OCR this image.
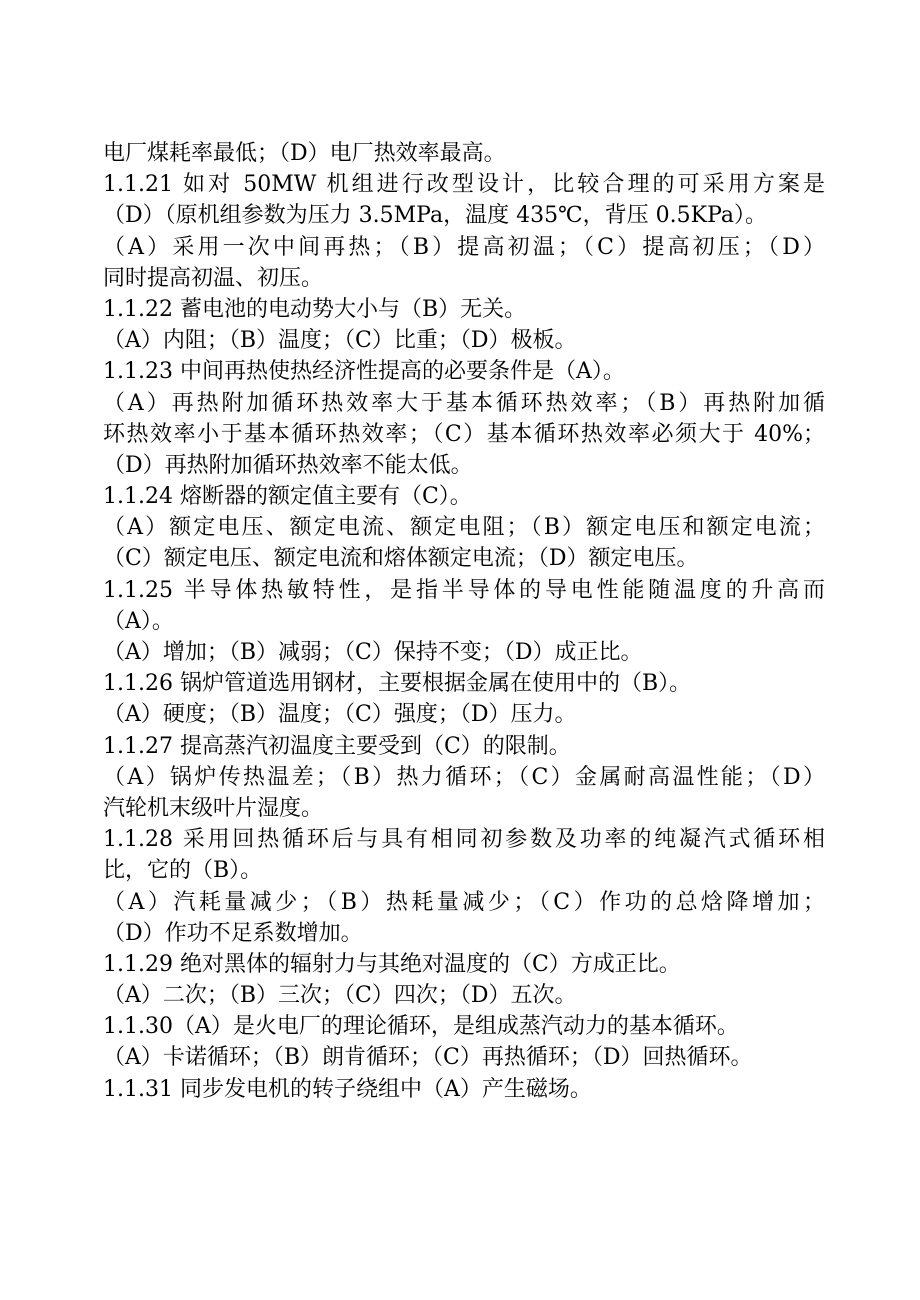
电厂煤耗率最低；（D）电厂热效率最高。
1.1.21 如对 50MW 机组进行改型设计，比较合理的可采用方案是
（D）（原机组参数为压力 3.5MPa，温度 435℃，背压 0.5KPa）。
（A）采用一次中间再热；（B）提高初温；（C）提高初压；（D）
同时提高初温、初压。
1.1.22 蓄电池的电动势大小与（B）无关。
（A）内阻；（B）温度；（C）比重；（D）极板。
1.1.23 中间再热使热经济性提高的必要条件是（A）。
（A）再热附加循环热效率大于基本循环热效率；（B）再热附加循
环热效率小于基本循环热效率；（C）基本循环热效率必须大于 40%；
（D）再热附加循环热效率不能太低。
1.1.24 熔断器的额定值主要有（C）。
（A）额定电压、额定电流、额定电阻；（B）额定电压和额定电流；
（C）额定电压、额定电流和熔体额定电流；（D）额定电压。
1.1.25 半导体热敏特性，是指半导体的导电性能随温度的升高而
（A）。
（A）增加；（B）减弱；（C）保持不变；（D）成正比。
1.1.26 锅炉管道选用钢材，主要根据金属在使用中的（B）。
（A）硬度；（B）温度；（C）强度；（D）压力。
1.1.27 提高蒸汽初温度主要受到（C）的限制。
（A）锅炉传热温差；（B）热力循环；（C）金属耐高温性能；（D）
汽轮机末级叶片湿度。
1.1.28 采用回热循环后与具有相同初参数及功率的纯凝汽式循环相
比，它的（B）。
（A）汽耗量减少；（B）热耗量减少；（C）作功的总焓降增加；
（D）作功不足系数增加。
1.1.29 绝对黑体的辐射力与其绝对温度的（C）方成正比。
（A）二次；（B）三次；（C）四次；（D）五次。
1.1.30（A）是火电厂的理论循环，是组成蒸汽动力的基本循环。
（A）卡诺循环；（B）朗肯循环；（C）再热循环；（D）回热循环。
1.1.31 同步发电机的转子绕组中（A）产生磁场。
